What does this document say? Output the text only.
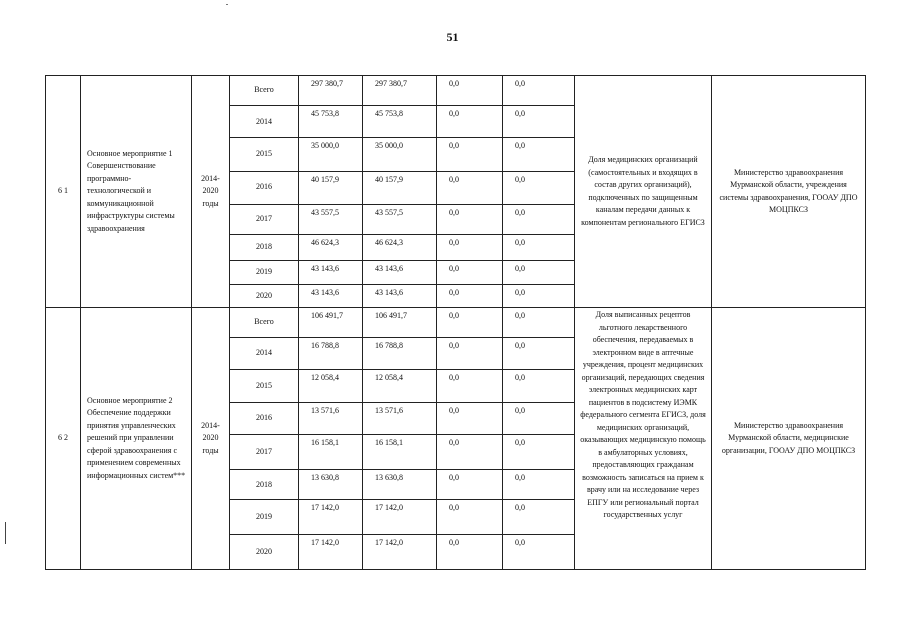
51
6 1	Основное мероприятие 1 Совершенствование программно-технологической и коммуникационной инфраструктуры системы здравоохранения	2014-2020 годы	Всего	297 380,7	297 380,7	0,0	0,0	Доля медицинских организаций (самостоятельных и входящих в состав других организаций), подключенных по защищенным каналам передачи данных к компонентам регионального ЕГИСЗ	Министерство здравоохранения Мурманской области, учреждения системы здравоохранения, ГООАУ ДПО МОЦПКСЗ
			2014	45 753,8	45 753,8	0,0	0,0		
			2015	35 000,0	35 000,0	0,0	0,0		
			2016	40 157,9	40 157,9	0,0	0,0		
			2017	43 557,5	43 557,5	0,0	0,0		
			2018	46 624,3	46 624,3	0,0	0,0		
			2019	43 143,6	43 143,6	0,0	0,0		
			2020	43 143,6	43 143,6	0,0	0,0		
6 2	Основное мероприятие 2 Обеспечение поддержки принятия управленческих решений при управлении сферой здравоохранения с применением современных информационных систем***	2014-2020 годы	Всего	106 491,7	106 491,7	0,0	0,0	Доля выписанных рецептов льготного лекарственного обеспечения, передаваемых в электронном виде в аптечные учреждения, процент медицинских организаций, передающих сведения электронных медицинских карт пациентов в подсистему ИЭМК федерального сегмента ЕГИСЗ, доля медицинских организаций, оказывающих медицинскую помощь в амбулаторных условиях, предоставляющих гражданам возможность записаться на прием к врачу или на исследование через ЕПГУ или региональный портал государственных услуг	Министерство здравоохранения Мурманской области, медицинские организации, ГООАУ ДПО МОЦПКСЗ
			2014	16 788,8	16 788,8	0,0	0,0		
			2015	12 058,4	12 058,4	0,0	0,0		
			2016	13 571,6	13 571,6	0,0	0,0		
			2017	16 158,1	16 158,1	0,0	0,0		
			2018	13 630,8	13 630,8	0,0	0,0		
			2019	17 142,0	17 142,0	0,0	0,0		
			2020	17 142,0	17 142,0	0,0	0,0		
